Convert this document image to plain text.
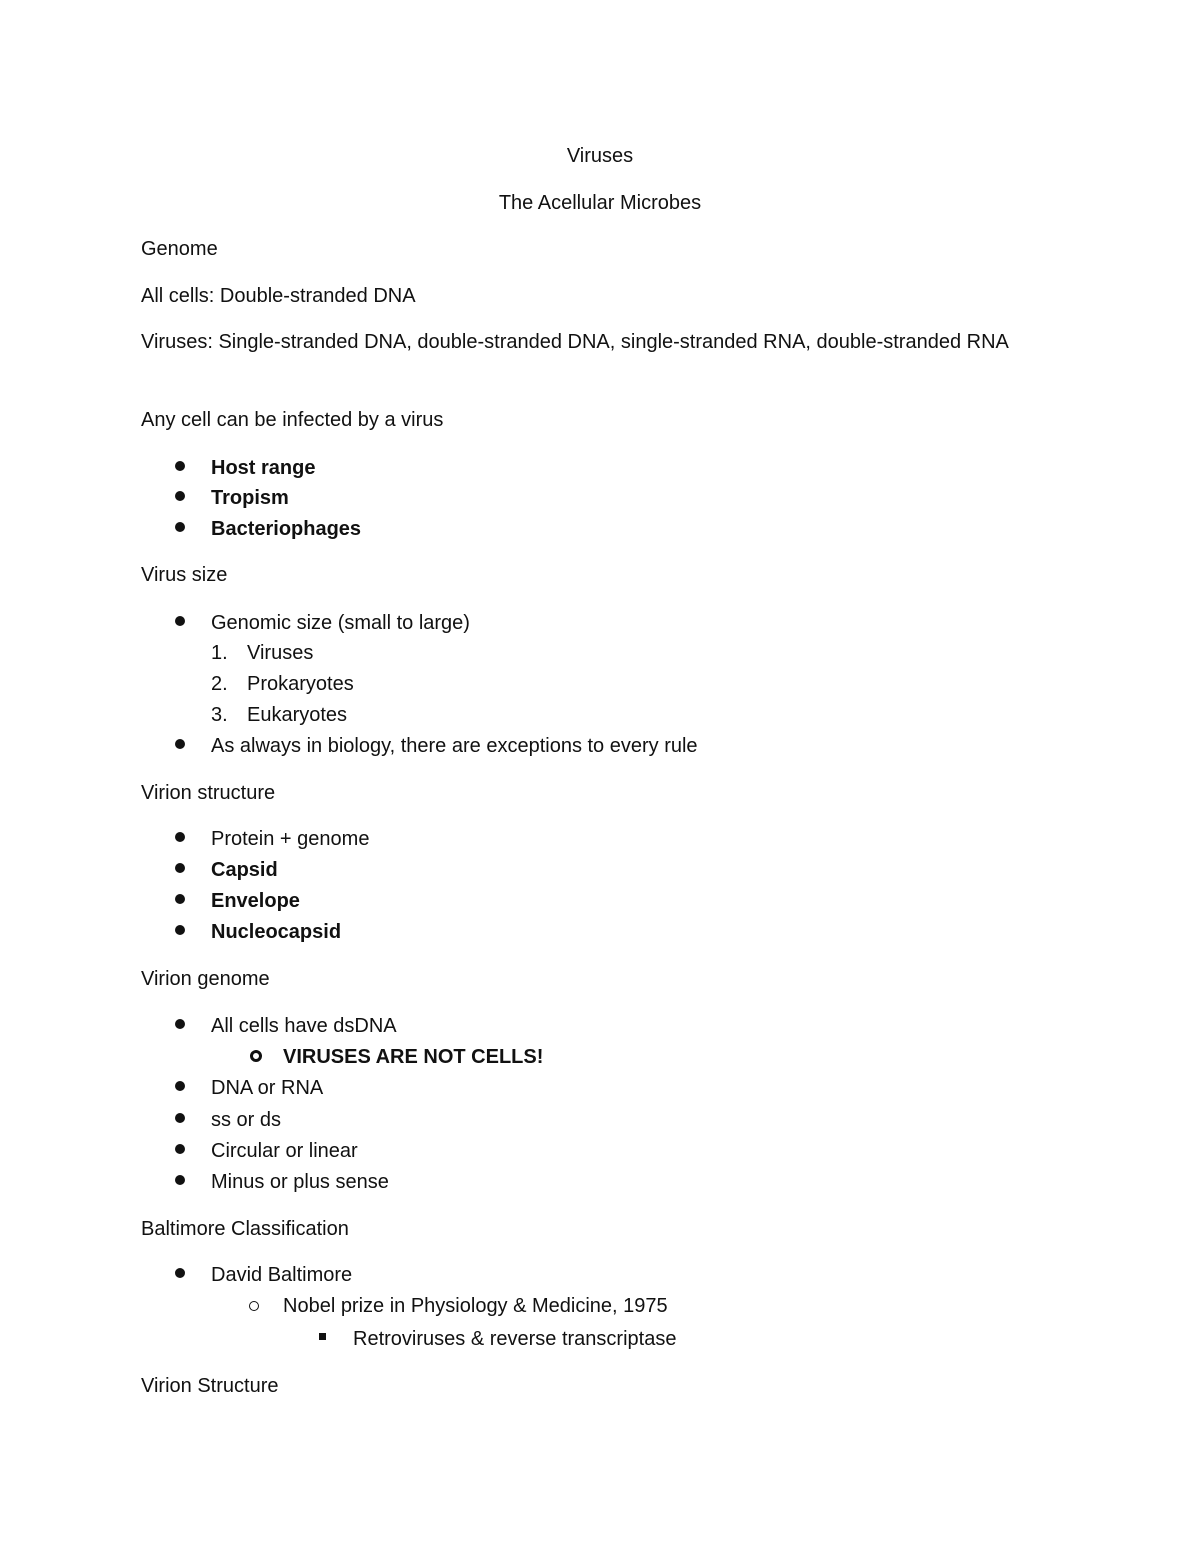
Viruses
The Acellular Microbes
Genome
All cells: Double-stranded DNA
Viruses: Single-stranded DNA, double-stranded DNA, single-stranded RNA, double-stranded RNA
Any cell can be infected by a virus
Host range
Tropism
Bacteriophages
Virus size
Genomic size (small to large)
1. Viruses
2. Prokaryotes
3. Eukaryotes
As always in biology, there are exceptions to every rule
Virion structure
Protein + genome
Capsid
Envelope
Nucleocapsid
Virion genome
All cells have dsDNA
VIRUSES ARE NOT CELLS!
DNA or RNA
ss or ds
Circular or linear
Minus or plus sense
Baltimore Classification
David Baltimore
Nobel prize in Physiology & Medicine, 1975
Retroviruses & reverse transcriptase
Virion Structure
